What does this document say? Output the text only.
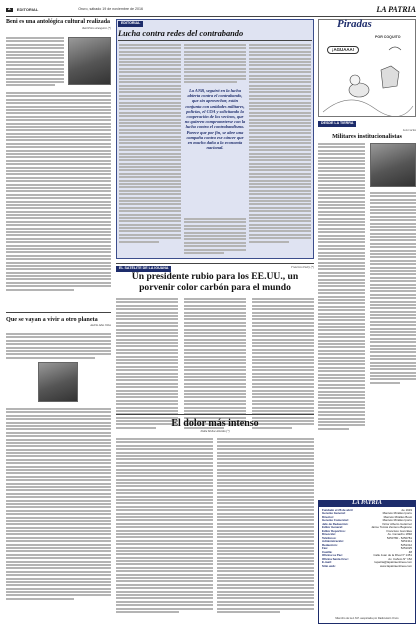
2	EDITORIAL	Oruro, sábado 19 de noviembre de 2016	LA PATRIA
Beni es una antológica cultural realizada
Raúl Pinto Aranguren (*)
Que se vayan a vivir a otro planeta
Andrés Alba Oliva
EDITORIAL
Lucha contra redes del contrabando
La ANB, seguirá en la lucha abierta contra el contrabando, que sin aprovechar, están conjunta con unidades militares, policías, el COA y solicitando la cooperación de los vecinos, que no quieren comprometerse con la lucha contra el contrabandismo. Parece que por fin, se abre una campaña contra ese cáncer que en mucho daña a la economía nacional.
Piradas
POR COQUITO
¡AGUAAA!
DESDE LA TIERRA
Luis Carlos
Militares institucionalistas
EL SATÉLITE DE LA IGUANA	Francisco Endry (*)
Un presidente rubio para los EE.UU., un porvenir color carbón para el mundo
El dolor más intenso
Nadia Muñoz Almeida (*)
LA PATRIA
Fundado el 26 de abril	de 1919
Gerente General:	Marcelo Miralles Iporre
Director:	Marcelo Miralles Bové
Gerente Comercial:	Marcelo Miralles Iporre
Jefe de Redacción:	Víctor Alberto Gutiérrez
Editor General:	Jaime Tomás Zenteno Bejarano
Editor Deportivo:	Francisco Gonzáles
Dirección:	Av. Camacho 1892
Teléfonos:	5250780 - 5250781
Administración:	5251311
Redacción:	5251312
Fax:	5251025
Casilla:	48
Oficina La Paz:	Calle Juan de la Riva N° 1451
Oficina Santa Cruz:	Av. Cañoto N° 152
E-mail:	lapatria@lapatriaenlinea.com
Sitio web:	www.lapatriaenlinea.com
Miembro de la A.N.P. auspiciada por Radiovisión Oruro
